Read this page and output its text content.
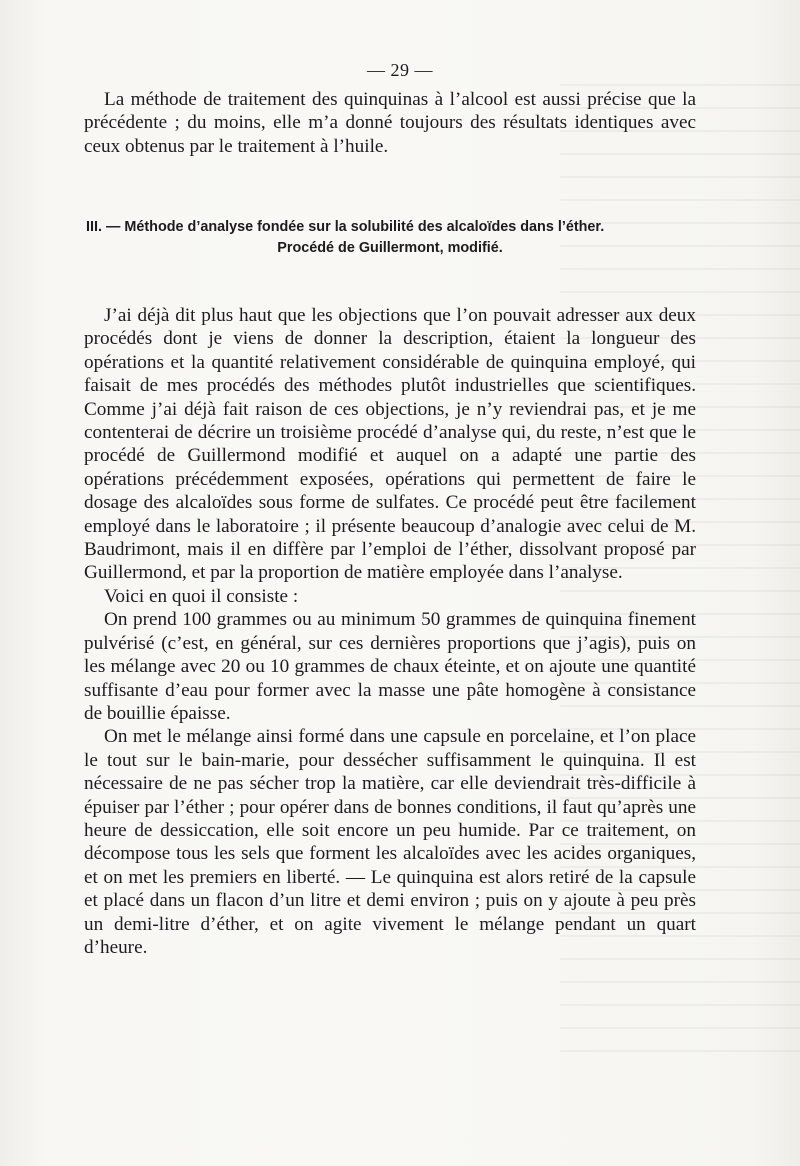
— 29 —

La méthode de traitement des quinquinas à l’alcool est aussi précise que la précédente ; du moins, elle m’a donné toujours des résultats identiques avec ceux obtenus par le traitement à l’huile.

III. — Méthode d’analyse fondée sur la solubilité des alcaloïdes dans l’éther.
Procédé de Guillermont, modifié.

J’ai déjà dit plus haut que les objections que l’on pouvait adresser aux deux procédés dont je viens de donner la description, étaient la longueur des opérations et la quantité relativement considérable de quinquina employé, qui faisait de mes procédés des méthodes plutôt industrielles que scientifiques. Comme j’ai déjà fait raison de ces objections, je n’y reviendrai pas, et je me contenterai de décrire un troisième procédé d’analyse qui, du reste, n’est que le procédé de Guillermond modifié et auquel on a adapté une partie des opérations précédemment exposées, opérations qui permettent de faire le dosage des alcaloïdes sous forme de sulfates. Ce procédé peut être facilement employé dans le laboratoire ; il présente beaucoup d’analogie avec celui de M. Baudrimont, mais il en diffère par l’emploi de l’éther, dissolvant proposé par Guillermond, et par la proportion de matière employée dans l’analyse.

Voici en quoi il consiste :

On prend 100 grammes ou au minimum 50 grammes de quinquina finement pulvérisé (c’est, en général, sur ces dernières proportions que j’agis), puis on les mélange avec 20 ou 10 grammes de chaux éteinte, et on ajoute une quantité suffisante d’eau pour former avec la masse une pâte homogène à consistance de bouillie épaisse.

On met le mélange ainsi formé dans une capsule en porcelaine, et l’on place le tout sur le bain-marie, pour dessécher suffisamment le quinquina. Il est nécessaire de ne pas sécher trop la matière, car elle deviendrait très-difficile à épuiser par l’éther ; pour opérer dans de bonnes conditions, il faut qu’après une heure de dessiccation, elle soit encore un peu humide. Par ce traitement, on décompose tous les sels que forment les alcaloïdes avec les acides organiques, et on met les premiers en liberté. — Le quinquina est alors retiré de la capsule et placé dans un flacon d’un litre et demi environ ; puis on y ajoute à peu près un demi-litre d’éther, et on agite vivement le mélange pendant un quart d’heure.
